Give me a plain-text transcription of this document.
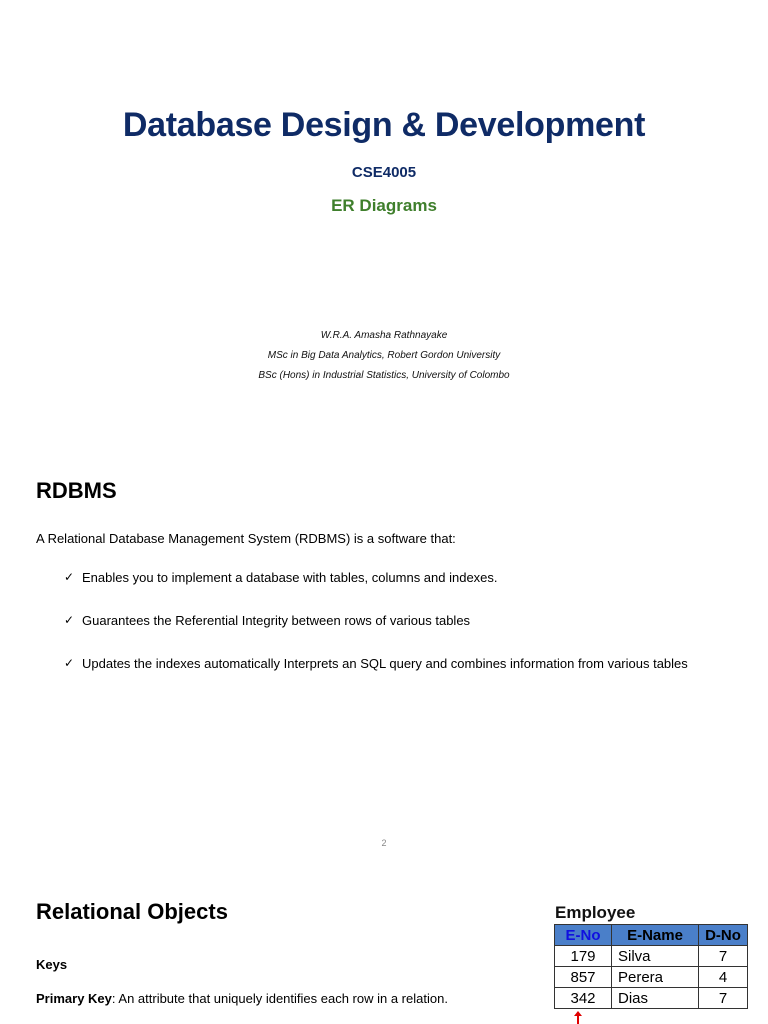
Database Design & Development
CSE4005
ER Diagrams
W.R.A. Amasha Rathnayake
MSc in Big Data Analytics, Robert Gordon University
BSc (Hons) in Industrial Statistics, University of Colombo
RDBMS
A Relational Database Management System (RDBMS) is a software that:
✓ Enables you to implement a database with tables, columns and indexes.
✓ Guarantees the Referential Integrity between rows of various tables
✓ Updates the indexes automatically Interprets an SQL query and combines information from various tables
2
Relational Objects
Keys
Primary Key: An attribute that uniquely identifies each row in a relation.
Employee
E-No	E-Name	D-No
179	Silva	7
857	Perera	4
342	Dias	7
